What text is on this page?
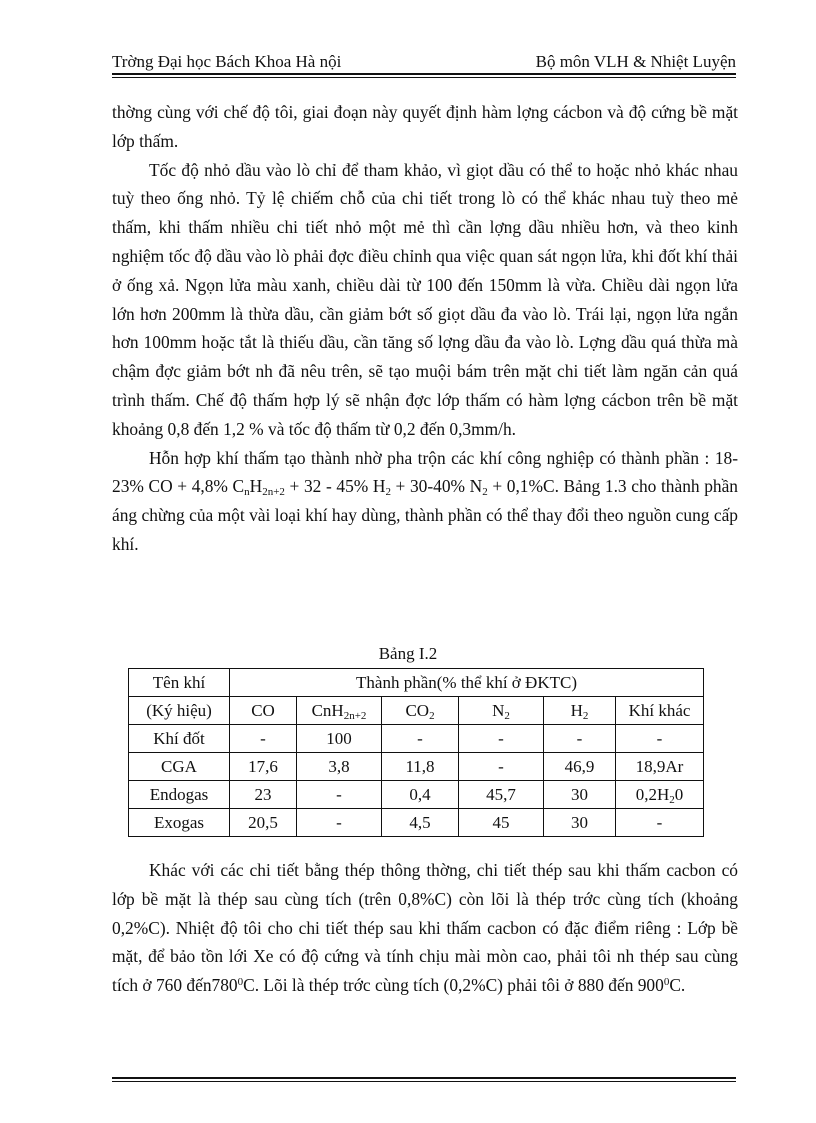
Trờng Đại học Bách Khoa Hà nội	Bộ môn VLH & Nhiệt Luyện

thờng cùng với chế độ tôi, giai đoạn này quyết định hàm lợng cácbon và độ cứng bề mặt lớp thấm.

Tốc độ nhỏ dầu vào lò chỉ để tham khảo, vì giọt dầu có thể to hoặc nhỏ khác nhau tuỳ theo ống nhỏ. Tỷ lệ chiếm chỗ của chi tiết trong lò có thể khác nhau tuỳ theo mẻ thấm, khi thấm nhiều chi tiết nhỏ một mẻ thì cần lợng dầu nhiều hơn, và theo kinh nghiệm tốc độ dầu vào lò phải đợc điều chỉnh qua việc quan sát ngọn lửa, khi đốt khí thải ở ống xả. Ngọn lửa màu xanh, chiều dài từ 100 đến 150mm là vừa. Chiều dài ngọn lửa lớn hơn 200mm là thừa dầu, cần giảm bớt số giọt dầu đa vào lò. Trái lại, ngọn lửa ngắn hơn 100mm hoặc tắt là thiếu dầu, cần tăng số lợng dầu đa vào lò. Lợng dầu quá thừa mà chậm đợc giảm bớt nh đã nêu trên, sẽ tạo muội bám trên mặt chi tiết làm ngăn cản quá trình thấm. Chế độ thấm hợp lý sẽ nhận đợc lớp thấm có hàm lợng cácbon trên bề mặt khoảng 0,8 đến 1,2 % và tốc độ thấm từ 0,2 đến 0,3mm/h.

Hỗn hợp khí thấm tạo thành nhờ pha trộn các khí công nghiệp có thành phần : 18-23% CO + 4,8% $C_nH_{2n+2} + 32 - 45\%$ $H_2 + 30-40\%$ $N_2 + 0,1\%C$. Bảng 1.3 cho thành phần áng chừng của một vài loại khí hay dùng, thành phần có thể thay đổi theo nguồn cung cấp khí.

Bảng I.2
Tên khí	Thành phần(% thể khí ở ĐKTC)					
(Ký hiệu)	CO	CnH$_{2n+2}$	$CO_2$	$N_2$	$H_2$	Khí khác
Khí đốt	-	100	-	-	-	-
CGA	17,6	3,8	11,8	-	46,9	18,9Ar
Endogas	23	-	0,4	45,7	30	$0,2H_20$
Exogas	20,5	-	4,5	45	30	-
Khác với các chi tiết bằng thép thông thờng, chi tiết thép sau khi thấm cacbon có lớp bề mặt là thép sau cùng tích (trên 0,8%C) còn lõi là thép trớc cùng tích (khoảng 0,2%C). Nhiệt độ tôi cho chi tiết thép sau khi thấm cacbon có đặc điểm riêng : Lớp bề mặt, để bảo tồn lới Xe có độ cứng và tính chịu mài mòn cao, phải tôi nh thép sau cùng tích ở 760 $đến780^0C$. Lõi là thép trớc cùng tích (0,2%C) phải tôi ở 880 đến $900^0C$.
